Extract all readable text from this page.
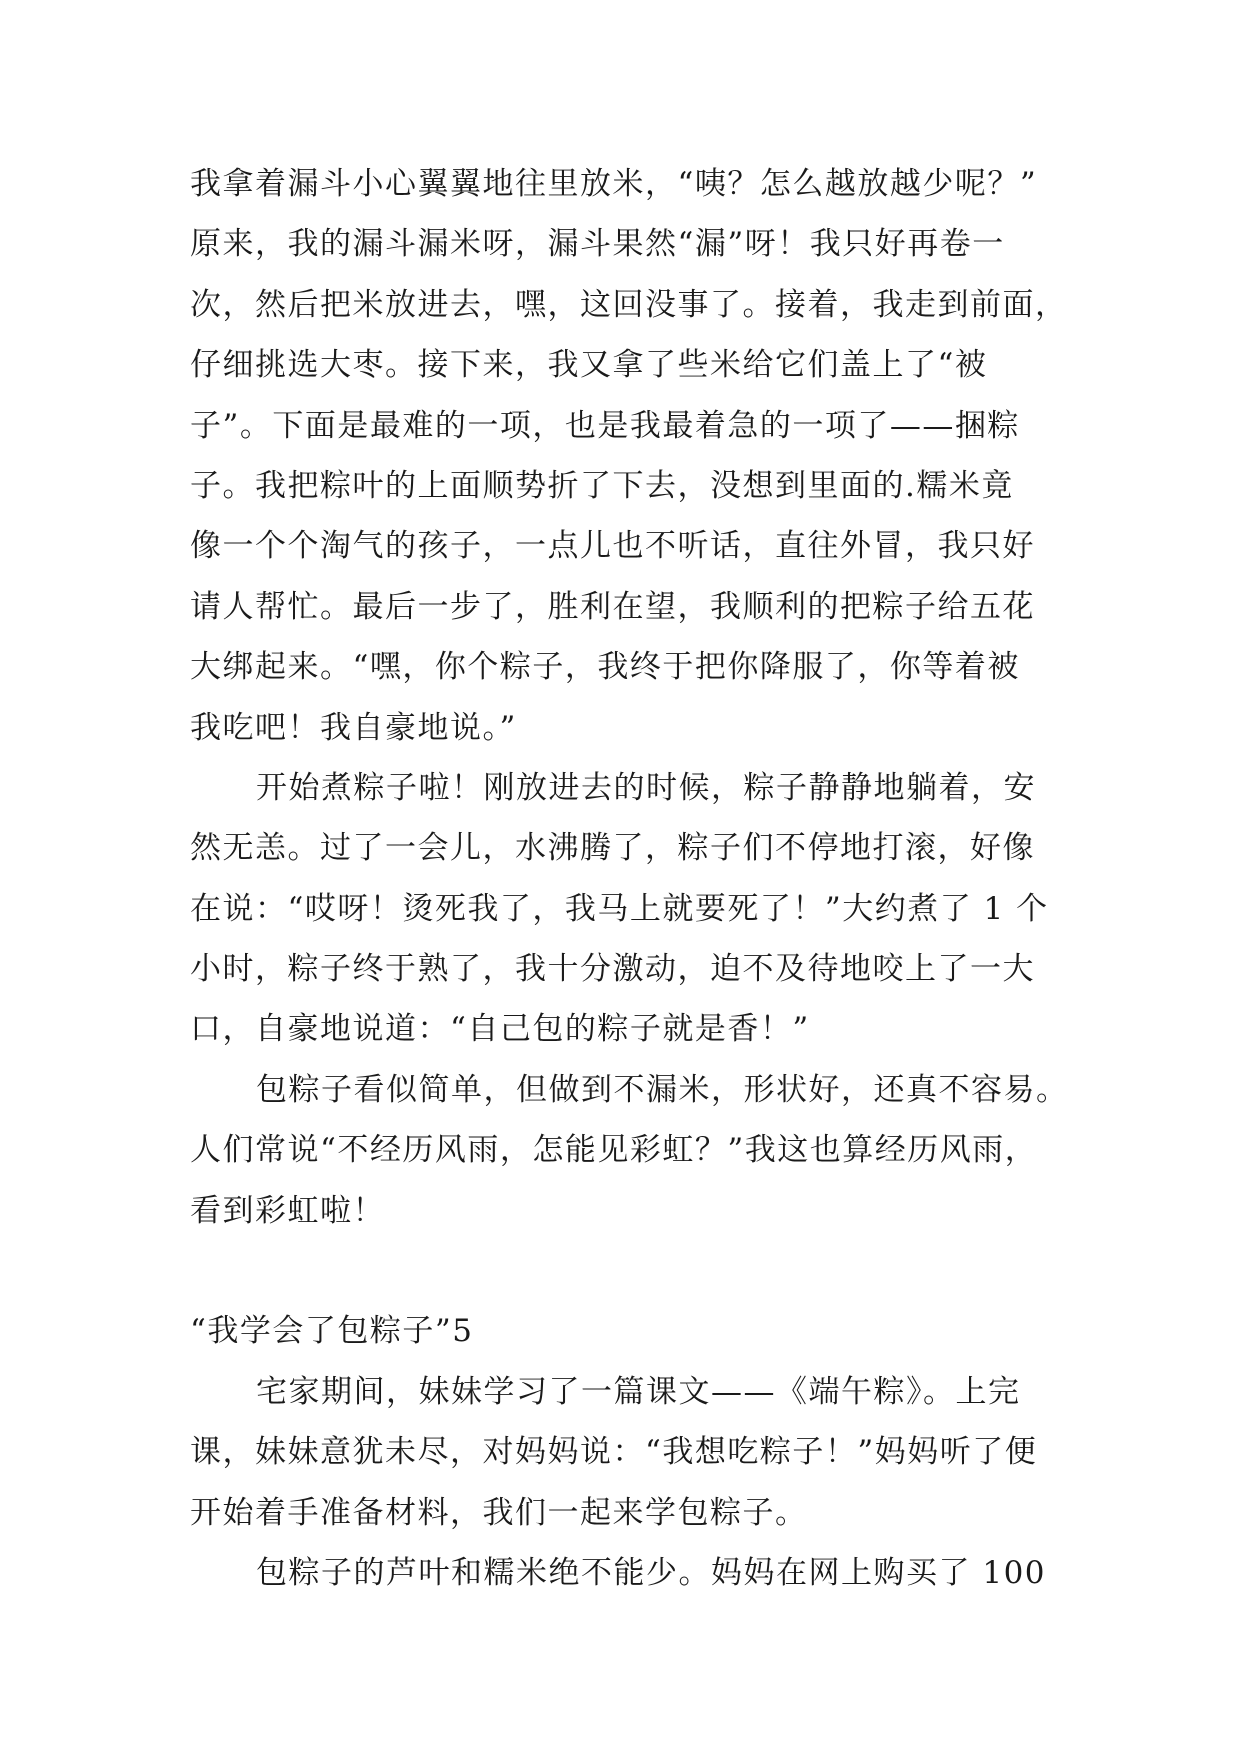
我拿着漏斗小心翼翼地往里放米，“咦？怎么越放越少呢？”
原来，我的漏斗漏米呀，漏斗果然“漏”呀！我只好再卷一
次，然后把米放进去，嘿，这回没事了。接着，我走到前面，
仔细挑选大枣。接下来，我又拿了些米给它们盖上了“被
子”。下面是最难的一项，也是我最着急的一项了——捆粽
子。我把粽叶的上面顺势折了下去，没想到里面的.糯米竟
像一个个淘气的孩子，一点儿也不听话，直往外冒，我只好
请人帮忙。最后一步了，胜利在望，我顺利的把粽子给五花
大绑起来。“嘿，你个粽子，我终于把你降服了，你等着被
我吃吧！我自豪地说。”
开始煮粽子啦！刚放进去的时候，粽子静静地躺着，安
然无恙。过了一会儿，水沸腾了，粽子们不停地打滚，好像
在说：“哎呀！烫死我了，我马上就要死了！”大约煮了 1 个
小时，粽子终于熟了，我十分激动，迫不及待地咬上了一大
口，自豪地说道：“自己包的粽子就是香！”
包粽子看似简单，但做到不漏米，形状好，还真不容易。
人们常说“不经历风雨，怎能见彩虹？”我这也算经历风雨，
看到彩虹啦！
“我学会了包粽子”5
宅家期间，妹妹学习了一篇课文——《端午粽》。上完
课，妹妹意犹未尽，对妈妈说：“我想吃粽子！”妈妈听了便
开始着手准备材料，我们一起来学包粽子。
包粽子的芦叶和糯米绝不能少。妈妈在网上购买了 100
